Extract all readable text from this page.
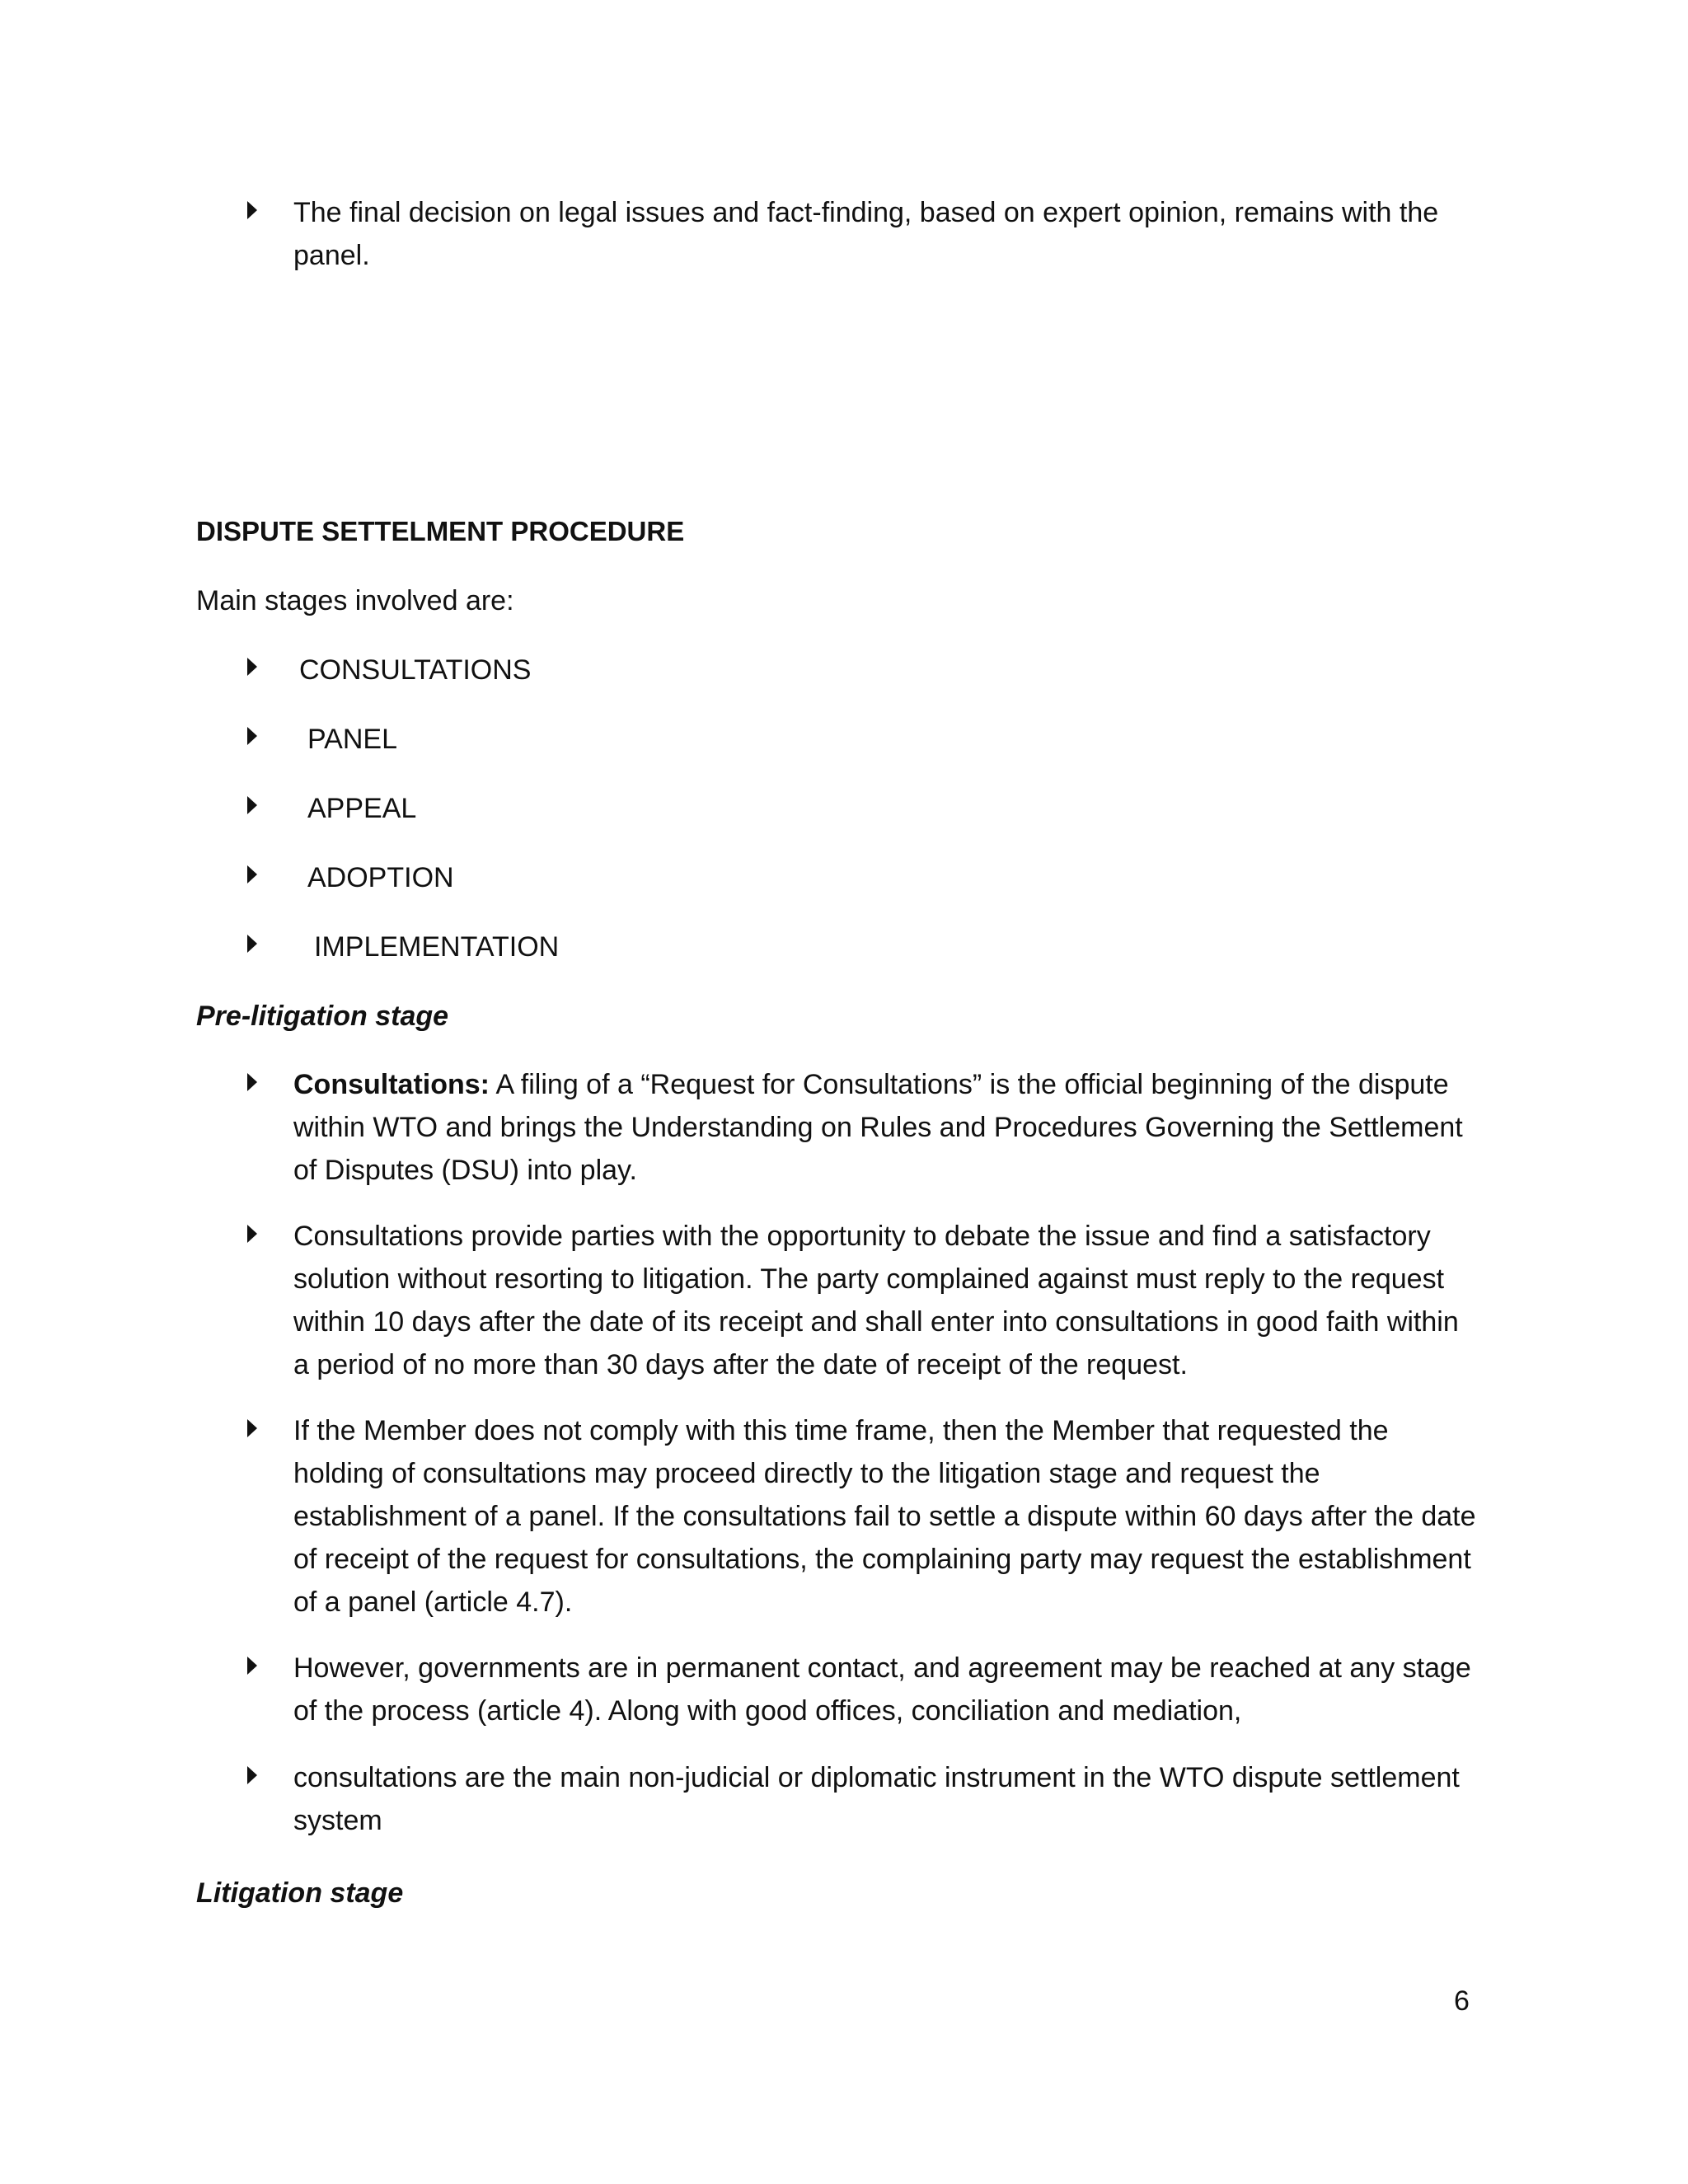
The final decision on legal issues and fact-finding, based on expert opinion, remains with the panel.
DISPUTE SETTELMENT PROCEDURE
Main stages involved are:
CONSULTATIONS
PANEL
APPEAL
ADOPTION
IMPLEMENTATION
Pre-litigation stage
Consultations: A filing of a “Request for Consultations” is the official beginning of the dispute within WTO and brings the Understanding on Rules and Procedures Governing the Settlement of Disputes (DSU) into play.
Consultations provide parties with the opportunity to debate the issue and find a satisfactory solution without resorting to litigation. The party complained against must reply to the request within 10 days after the date of its receipt and shall enter into consultations in good faith within a period of no more than 30 days after the date of receipt of the request.
If the Member does not comply with this time frame, then the Member that requested the holding of consultations may proceed directly to the litigation stage and request the establishment of a panel. If the consultations fail to settle a dispute within 60 days after the date of receipt of the request for consultations, the complaining party may request the establishment of a panel (article 4.7).
However, governments are in permanent contact, and agreement may be reached at any stage of the process (article 4). Along with good offices, conciliation and mediation,
consultations are the main non-judicial or diplomatic instrument in the WTO dispute settlement system
Litigation stage
6
